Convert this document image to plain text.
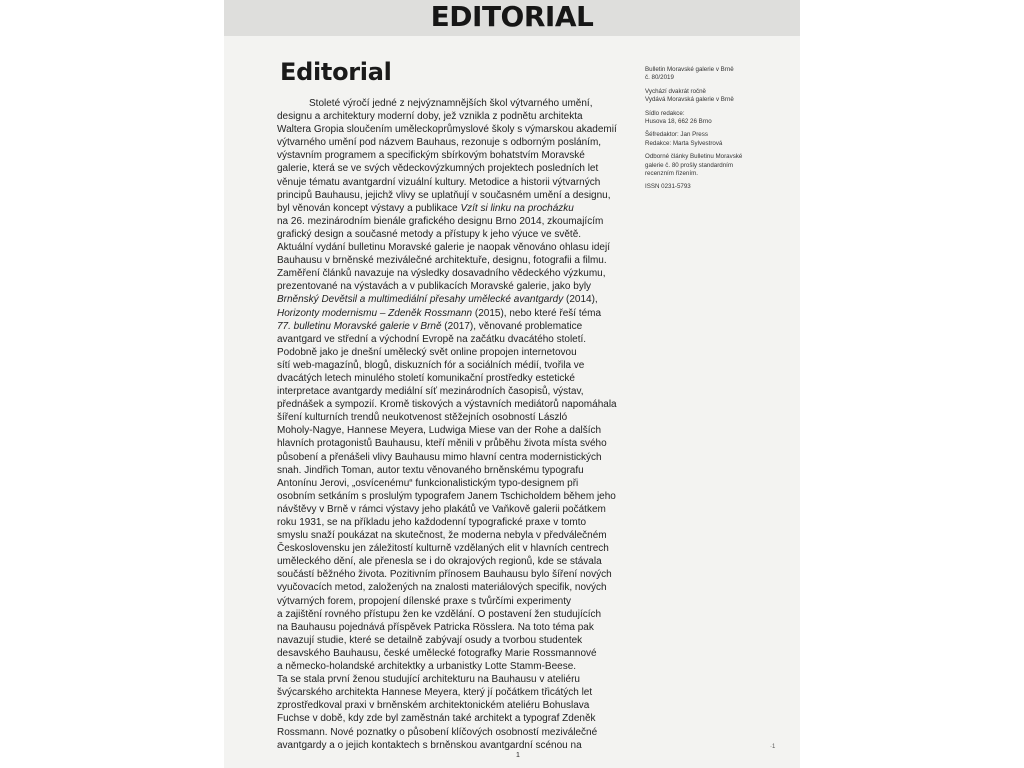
EDITORIAL
Editorial
Stoleté výročí jedné z nejvýznamnějších škol výtvarného umění,
designu a architektury moderní doby, jež vznikla z podnětu architekta
Waltera Gropia sloučením uměleckoprůmyslové školy s výmarskou akademií
výtvarného umění pod názvem Bauhaus, rezonuje s odborným posláním,
výstavním programem a specifickým sbírkovým bohatstvím Moravské
galerie, která se ve svých vědeckovýzkumných projektech posledních let
věnuje tématu avantgardní vizuální kultury. Metodice a historii výtvarných
principů Bauhausu, jejichž vlivy se uplatňují v současném umění a designu,
byl věnován koncept výstavy a publikace Vzít si linku na procházku
na 26. mezinárodním bienále grafického designu Brno 2014, zkoumajícím
grafický design a současné metody a přístupy k jeho výuce ve světě.
Aktuální vydání bulletinu Moravské galerie je naopak věnováno ohlasu idejí
Bauhausu v brněnské meziválečné architektuře, designu, fotografii a filmu.
Zaměření článků navazuje na výsledky dosavadního vědeckého výzkumu,
prezentované na výstavách a v publikacích Moravské galerie, jako byly
Brněnský Devětsil a multimediální přesahy umělecké avantgardy (2014),
Horizonty modernismu – Zdeněk Rossmann (2015), nebo které řeší téma
77. bulletinu Moravské galerie v Brně (2017), věnované problematice
avantgard ve střední a východní Evropě na začátku dvacátého století.
Podobně jako je dnešní umělecký svět online propojen internetovou
sítí web-magazínů, blogů, diskuzních fór a sociálních médií, tvořila ve
dvacátých letech minulého století komunikační prostředky estetické
interpretace avantgardy mediální síť mezinárodních časopisů, výstav,
přednášek a sympozií. Kromě tiskových a výstavních mediátorů napomáhala
šíření kulturních trendů neukotvenost stěžejních osobností László
Moholy-Nagye, Hannese Meyera, Ludwiga Miese van der Rohe a dalších
hlavních protagonistů Bauhausu, kteří měnili v průběhu života místa svého
působení a přenášeli vlivy Bauhausu mimo hlavní centra modernistických
snah. Jindřich Toman, autor textu věnovaného brněnskému typografu
Antonínu Jerovi, „osvícenému“ funkcionalistickým typo-designem při
osobním setkáním s proslulým typografem Janem Tschicholdem během jeho
návštěvy v Brně v rámci výstavy jeho plakátů ve Vaňkově galerii počátkem
roku 1931, se na příkladu jeho každodenní typografické praxe v tomto
smyslu snaží poukázat na skutečnost, že moderna nebyla v předválečném
Československu jen záležitostí kulturně vzdělaných elit v hlavních centrech
uměleckého dění, ale přenesla se i do okrajových regionů, kde se stávala
součástí běžného života. Pozitivním přínosem Bauhausu bylo šíření nových
vyučovacích metod, založených na znalosti materiálových specifik, nových
výtvarných forem, propojení dílenské praxe s tvůrčími experimenty
a zajištění rovného přístupu žen ke vzdělání. O postavení žen studujících
na Bauhausu pojednává příspěvek Patricka Rösslera. Na toto téma pak
navazují studie, které se detailně zabývají osudy a tvorbou studentek
desavského Bauhausu, české umělecké fotografky Marie Rossmannové
a německo-holandské architektky a urbanistky Lotte Stamm-Beese.
Ta se stala první ženou studující architekturu na Bauhausu v ateliéru
švýcarského architekta Hannese Meyera, který jí počátkem třicátých let
zprostředkoval praxi v brněnském architektonickém ateliéru Bohuslava
Fuchse v době, kdy zde byl zaměstnán také architekt a typograf Zdeněk
Rossmann. Nové poznatky o působení klíčových osobností meziválečné
avantgardy a o jejich kontaktech s brněnskou avantgardní scénou na
Bulletin Moravské galerie v Brně
č. 80/2019
Vychází dvakrát ročně
Vydává Moravská galerie v Brně
Sídlo redakce:
Husova 18, 662 26 Brno
Šéfredaktor: Jan Press
Redakce: Marta Sylvestrová
Odborné články Bulletinu Moravské
galerie č. 80 prošly standardním
recenzním řízením.
ISSN 0231-5793
1
·1
